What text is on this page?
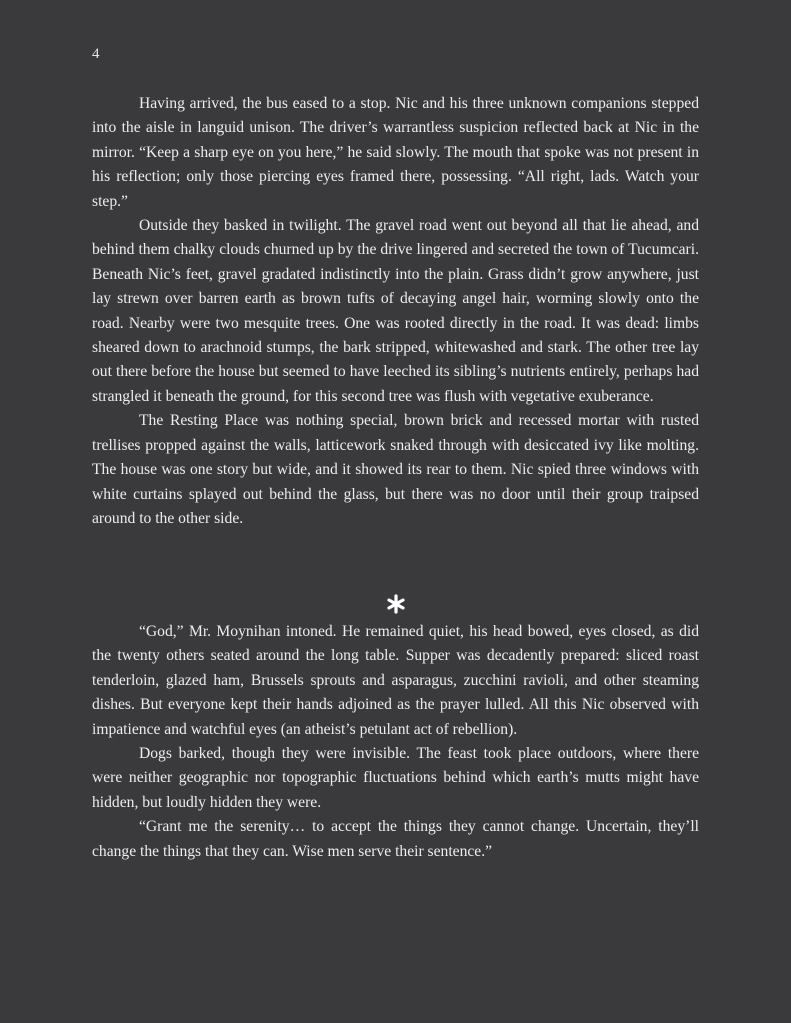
4

Having arrived, the bus eased to a stop. Nic and his three unknown companions stepped into the aisle in languid unison. The driver’s warrantless suspicion reflected back at Nic in the mirror. “Keep a sharp eye on you here,” he said slowly. The mouth that spoke was not present in his reflection; only those piercing eyes framed there, possessing. “All right, lads. Watch your step.”

Outside they basked in twilight. The gravel road went out beyond all that lie ahead, and behind them chalky clouds churned up by the drive lingered and secreted the town of Tucumcari. Beneath Nic’s feet, gravel gradated indistinctly into the plain. Grass didn’t grow anywhere, just lay strewn over barren earth as brown tufts of decaying angel hair, worming slowly onto the road. Nearby were two mesquite trees. One was rooted directly in the road. It was dead: limbs sheared down to arachnoid stumps, the bark stripped, whitewashed and stark. The other tree lay out there before the house but seemed to have leeched its sibling’s nutrients entirely, perhaps had strangled it beneath the ground, for this second tree was flush with vegetative exuberance.

The Resting Place was nothing special, brown brick and recessed mortar with rusted trellises propped against the walls, latticework snaked through with desiccated ivy like molting. The house was one story but wide, and it showed its rear to them. Nic spied three windows with white curtains splayed out behind the glass, but there was no door until their group traipsed around to the other side.

“God,” Mr. Moynihan intoned. He remained quiet, his head bowed, eyes closed, as did the twenty others seated around the long table. Supper was decadently prepared: sliced roast tenderloin, glazed ham, Brussels sprouts and asparagus, zucchini ravioli, and other steaming dishes. But everyone kept their hands adjoined as the prayer lulled. All this Nic observed with impatience and watchful eyes (an atheist’s petulant act of rebellion).

Dogs barked, though they were invisible. The feast took place outdoors, where there were neither geographic nor topographic fluctuations behind which earth’s mutts might have hidden, but loudly hidden they were.

“Grant me the serenity… to accept the things they cannot change. Uncertain, they’ll change the things that they can. Wise men serve their sentence.”
